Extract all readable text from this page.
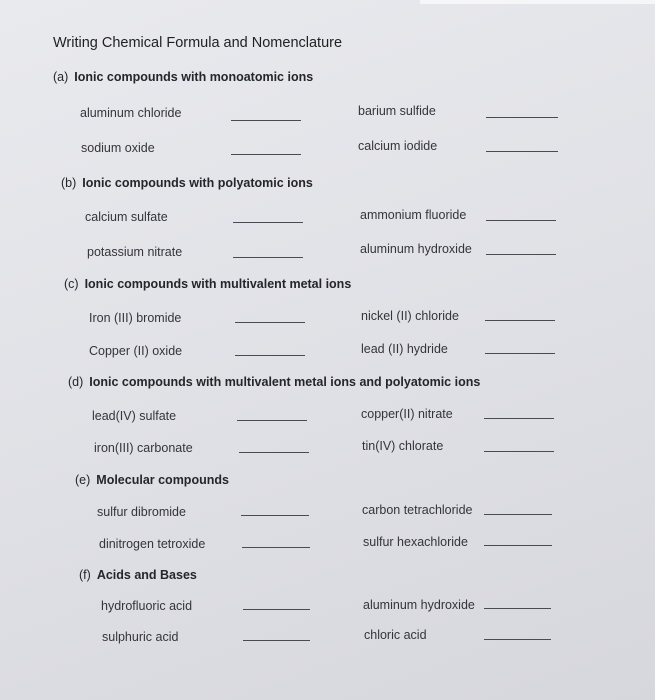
Writing Chemical Formula and Nomenclature
(a) Ionic compounds with monoatomic ions
aluminum chloride	barium sulfide
sodium oxide	calcium iodide
(b) Ionic compounds with polyatomic ions
calcium sulfate	ammonium fluoride
potassium nitrate	aluminum hydroxide
(c) Ionic compounds with multivalent metal ions
Iron (III) bromide	nickel (II) chloride
Copper (II) oxide	lead (II) hydride
(d) Ionic compounds with multivalent metal ions and polyatomic ions
lead(IV) sulfate	copper(II) nitrate
iron(III) carbonate	tin(IV) chlorate
(e) Molecular compounds
sulfur dibromide	carbon tetrachloride
dinitrogen tetroxide	sulfur hexachloride
(f) Acids and Bases
hydrofluoric acid	aluminum hydroxide
sulphuric acid	chloric acid
